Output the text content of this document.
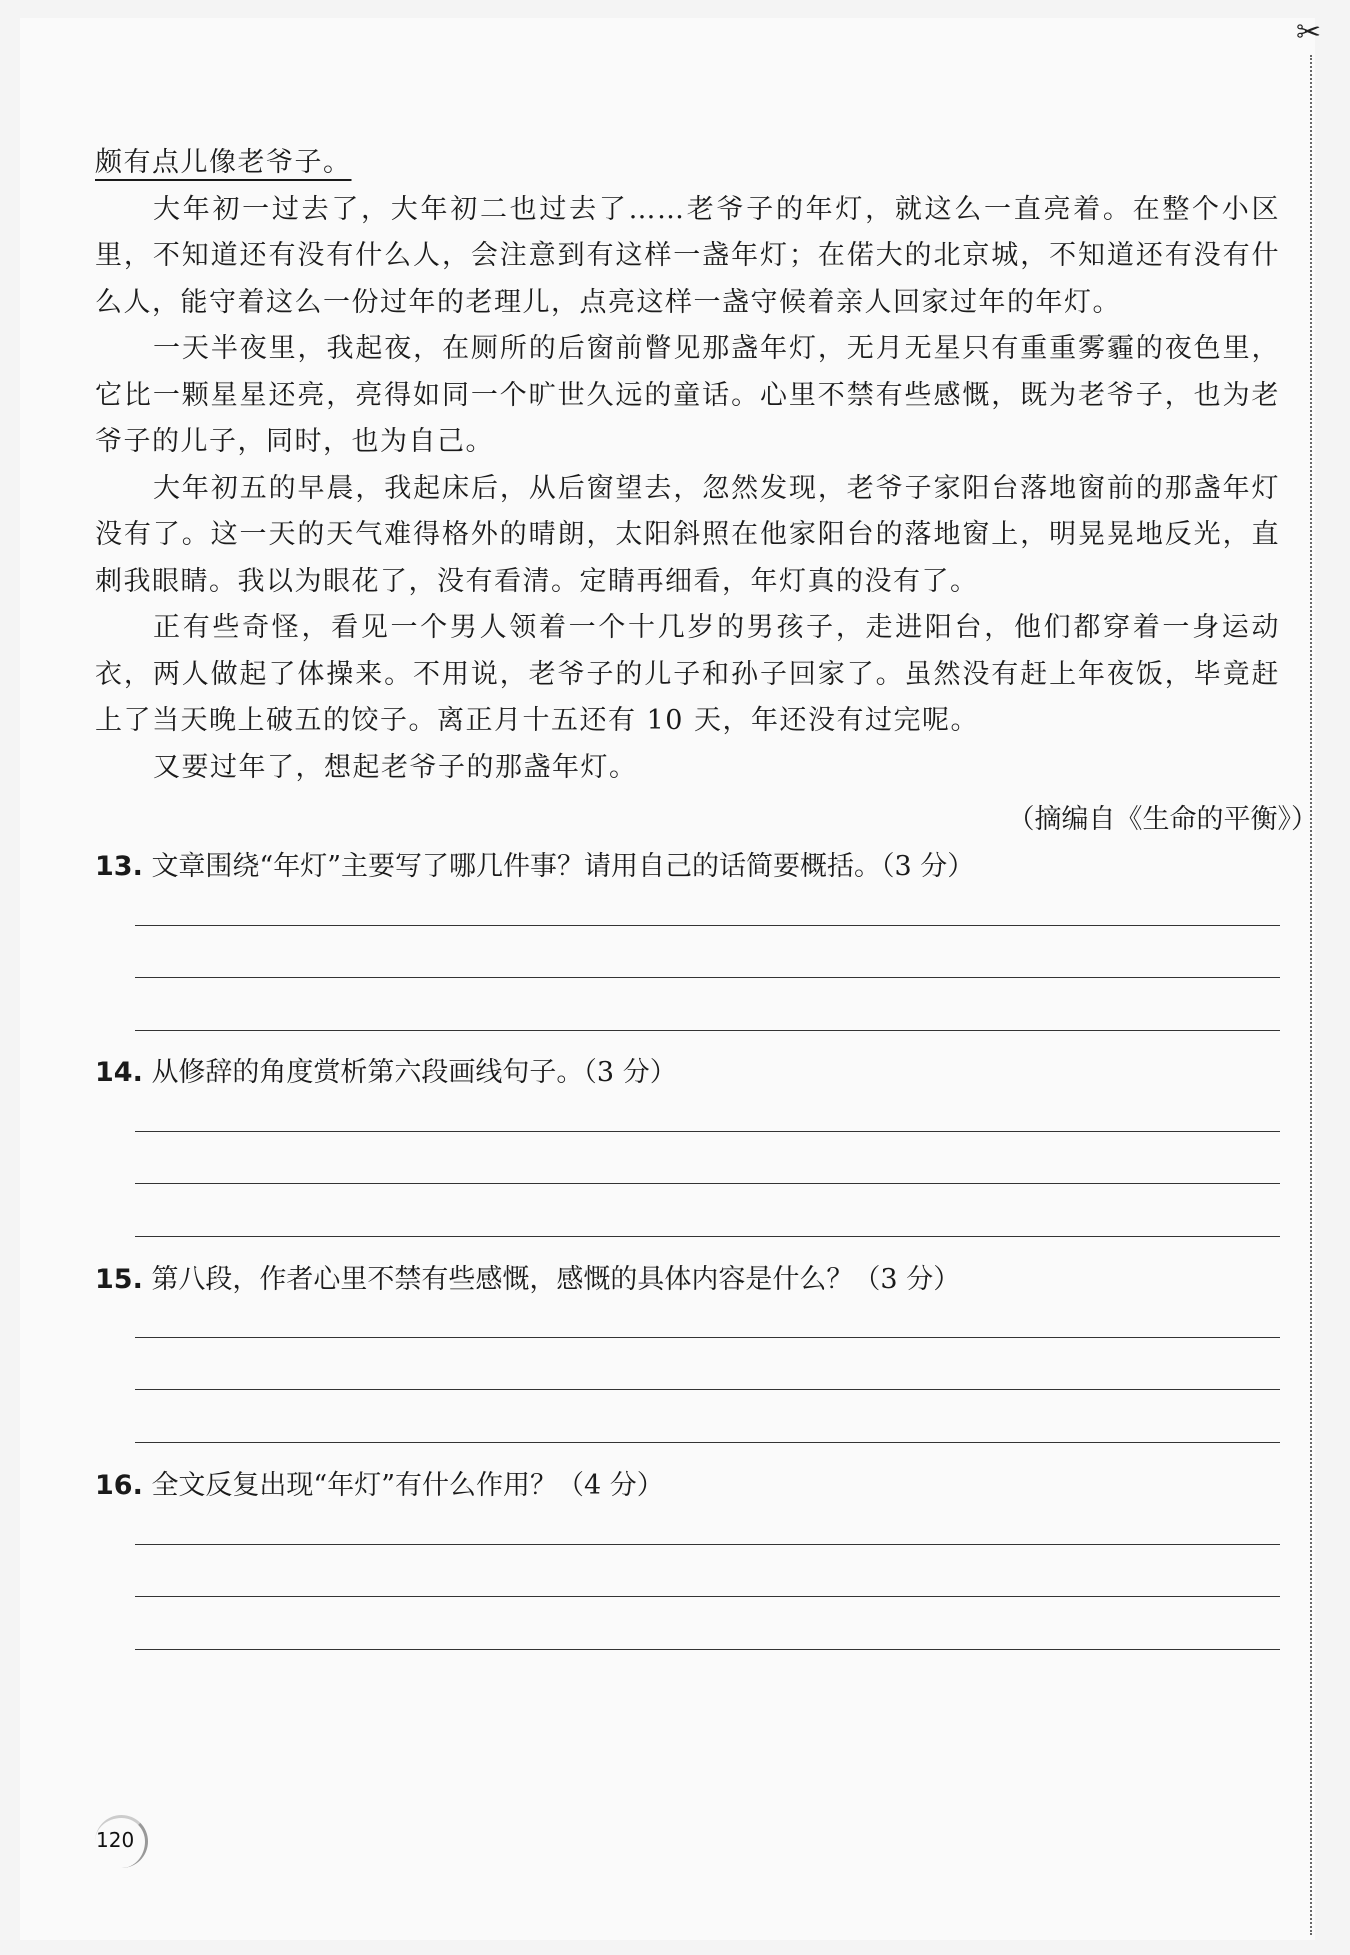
✂

颇有点儿像老爷子。

大年初一过去了，大年初二也过去了……老爷子的年灯，就这么一直亮着。在整个小区里，不知道还有没有什么人，会注意到有这样一盏年灯；在偌大的北京城，不知道还有没有什么人，能守着这么一份过年的老理儿，点亮这样一盏守候着亲人回家过年的年灯。

一天半夜里，我起夜，在厕所的后窗前瞥见那盏年灯，无月无星只有重重雾霾的夜色里，它比一颗星星还亮，亮得如同一个旷世久远的童话。心里不禁有些感慨，既为老爷子，也为老爷子的儿子，同时，也为自己。

大年初五的早晨，我起床后，从后窗望去，忽然发现，老爷子家阳台落地窗前的那盏年灯没有了。这一天的天气难得格外的晴朗，太阳斜照在他家阳台的落地窗上，明晃晃地反光，直刺我眼睛。我以为眼花了，没有看清。定睛再细看，年灯真的没有了。

正有些奇怪，看见一个男人领着一个十几岁的男孩子，走进阳台，他们都穿着一身运动衣，两人做起了体操来。不用说，老爷子的儿子和孙子回家了。虽然没有赶上年夜饭，毕竟赶上了当天晚上破五的饺子。离正月十五还有 10 天，年还没有过完呢。

又要过年了，想起老爷子的那盏年灯。

（摘编自《生命的平衡》）
13. 文章围绕“年灯”主要写了哪几件事？请用自己的话简要概括。（3 分）
14. 从修辞的角度赏析第六段画线句子。（3 分）
15. 第八段，作者心里不禁有些感慨，感慨的具体内容是什么？（3 分）
16. 全文反复出现“年灯”有什么作用？（4 分）
120
